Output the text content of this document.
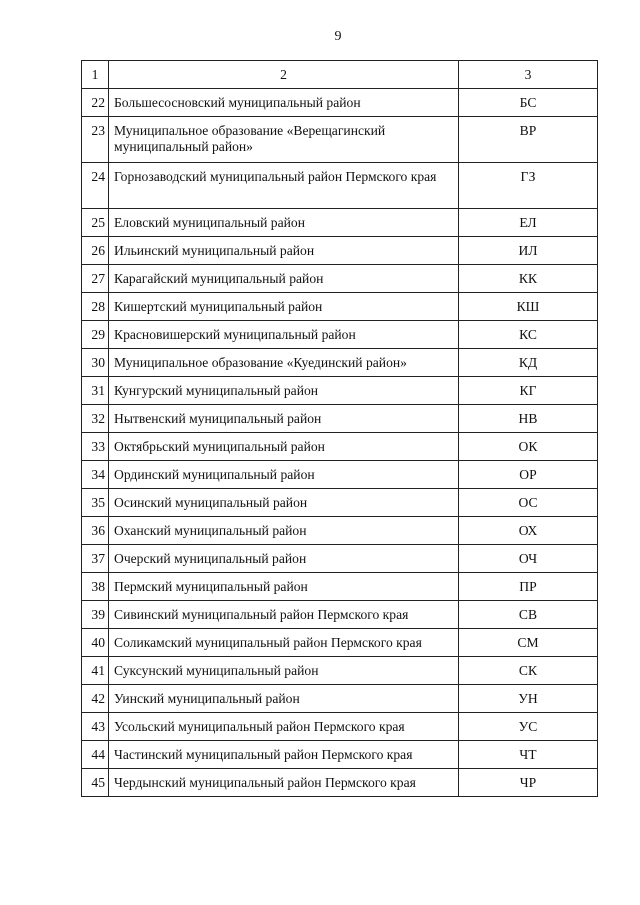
9
1	2	3
22	Большесосновский муниципальный район	БС
23	Муниципальное образование «Верещагинский муниципальный район»	ВР
24	Горнозаводский муниципальный район Пермского края	ГЗ
25	Еловский муниципальный район	ЕЛ
26	Ильинский муниципальный район	ИЛ
27	Карагайский муниципальный район	КК
28	Кишертский муниципальный район	КШ
29	Красновишерский муниципальный район	КС
30	Муниципальное образование «Куединский район»	КД
31	Кунгурский муниципальный район	КГ
32	Нытвенский муниципальный район	НВ
33	Октябрьский муниципальный район	ОК
34	Ординский муниципальный район	ОР
35	Осинский муниципальный район	ОС
36	Оханский муниципальный район	ОХ
37	Очерский муниципальный район	ОЧ
38	Пермский муниципальный район	ПР
39	Сивинский муниципальный район Пермского края	СВ
40	Соликамский муниципальный район Пермского края	СМ
41	Суксунский муниципальный район	СК
42	Уинский муниципальный район	УН
43	Усольский муниципальный район Пермского края	УС
44	Частинский муниципальный район Пермского края	ЧТ
45	Чердынский муниципальный район Пермского края	ЧР
